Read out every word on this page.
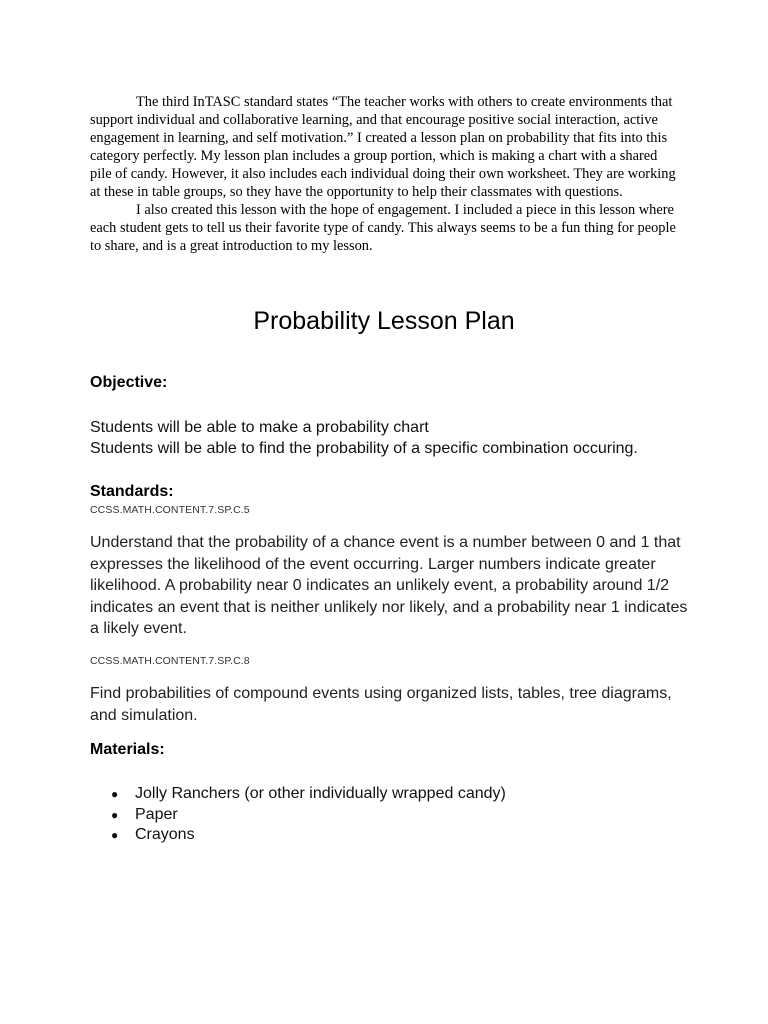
The third InTASC standard states “The teacher works with others to create environments that support individual and collaborative learning, and that encourage positive social interaction, active engagement in learning, and self motivation.” I created a lesson plan on probability that fits into this category perfectly. My lesson plan includes a group portion, which is making a chart with a shared pile of candy. However, it also includes each individual doing their own worksheet. They are working at these in table groups, so they have the opportunity to help their classmates with questions.

I also created this lesson with the hope of engagement. I included a piece in this lesson where each student gets to tell us their favorite type of candy. This always seems to be a fun thing for people to share, and is a great introduction to my lesson.

Probability Lesson Plan
Objective:
Students will be able to make a probability chart
Students will be able to find the probability of a specific combination occuring.
Standards:
CCSS.MATH.CONTENT.7.SP.C.5
Understand that the probability of a chance event is a number between 0 and 1 that expresses the likelihood of the event occurring. Larger numbers indicate greater likelihood. A probability near 0 indicates an unlikely event, a probability around 1/2 indicates an event that is neither unlikely nor likely, and a probability near 1 indicates a likely event.
CCSS.MATH.CONTENT.7.SP.C.8
Find probabilities of compound events using organized lists, tables, tree diagrams, and simulation.
Materials:
● Jolly Ranchers (or other individually wrapped candy)
● Paper
● Crayons
